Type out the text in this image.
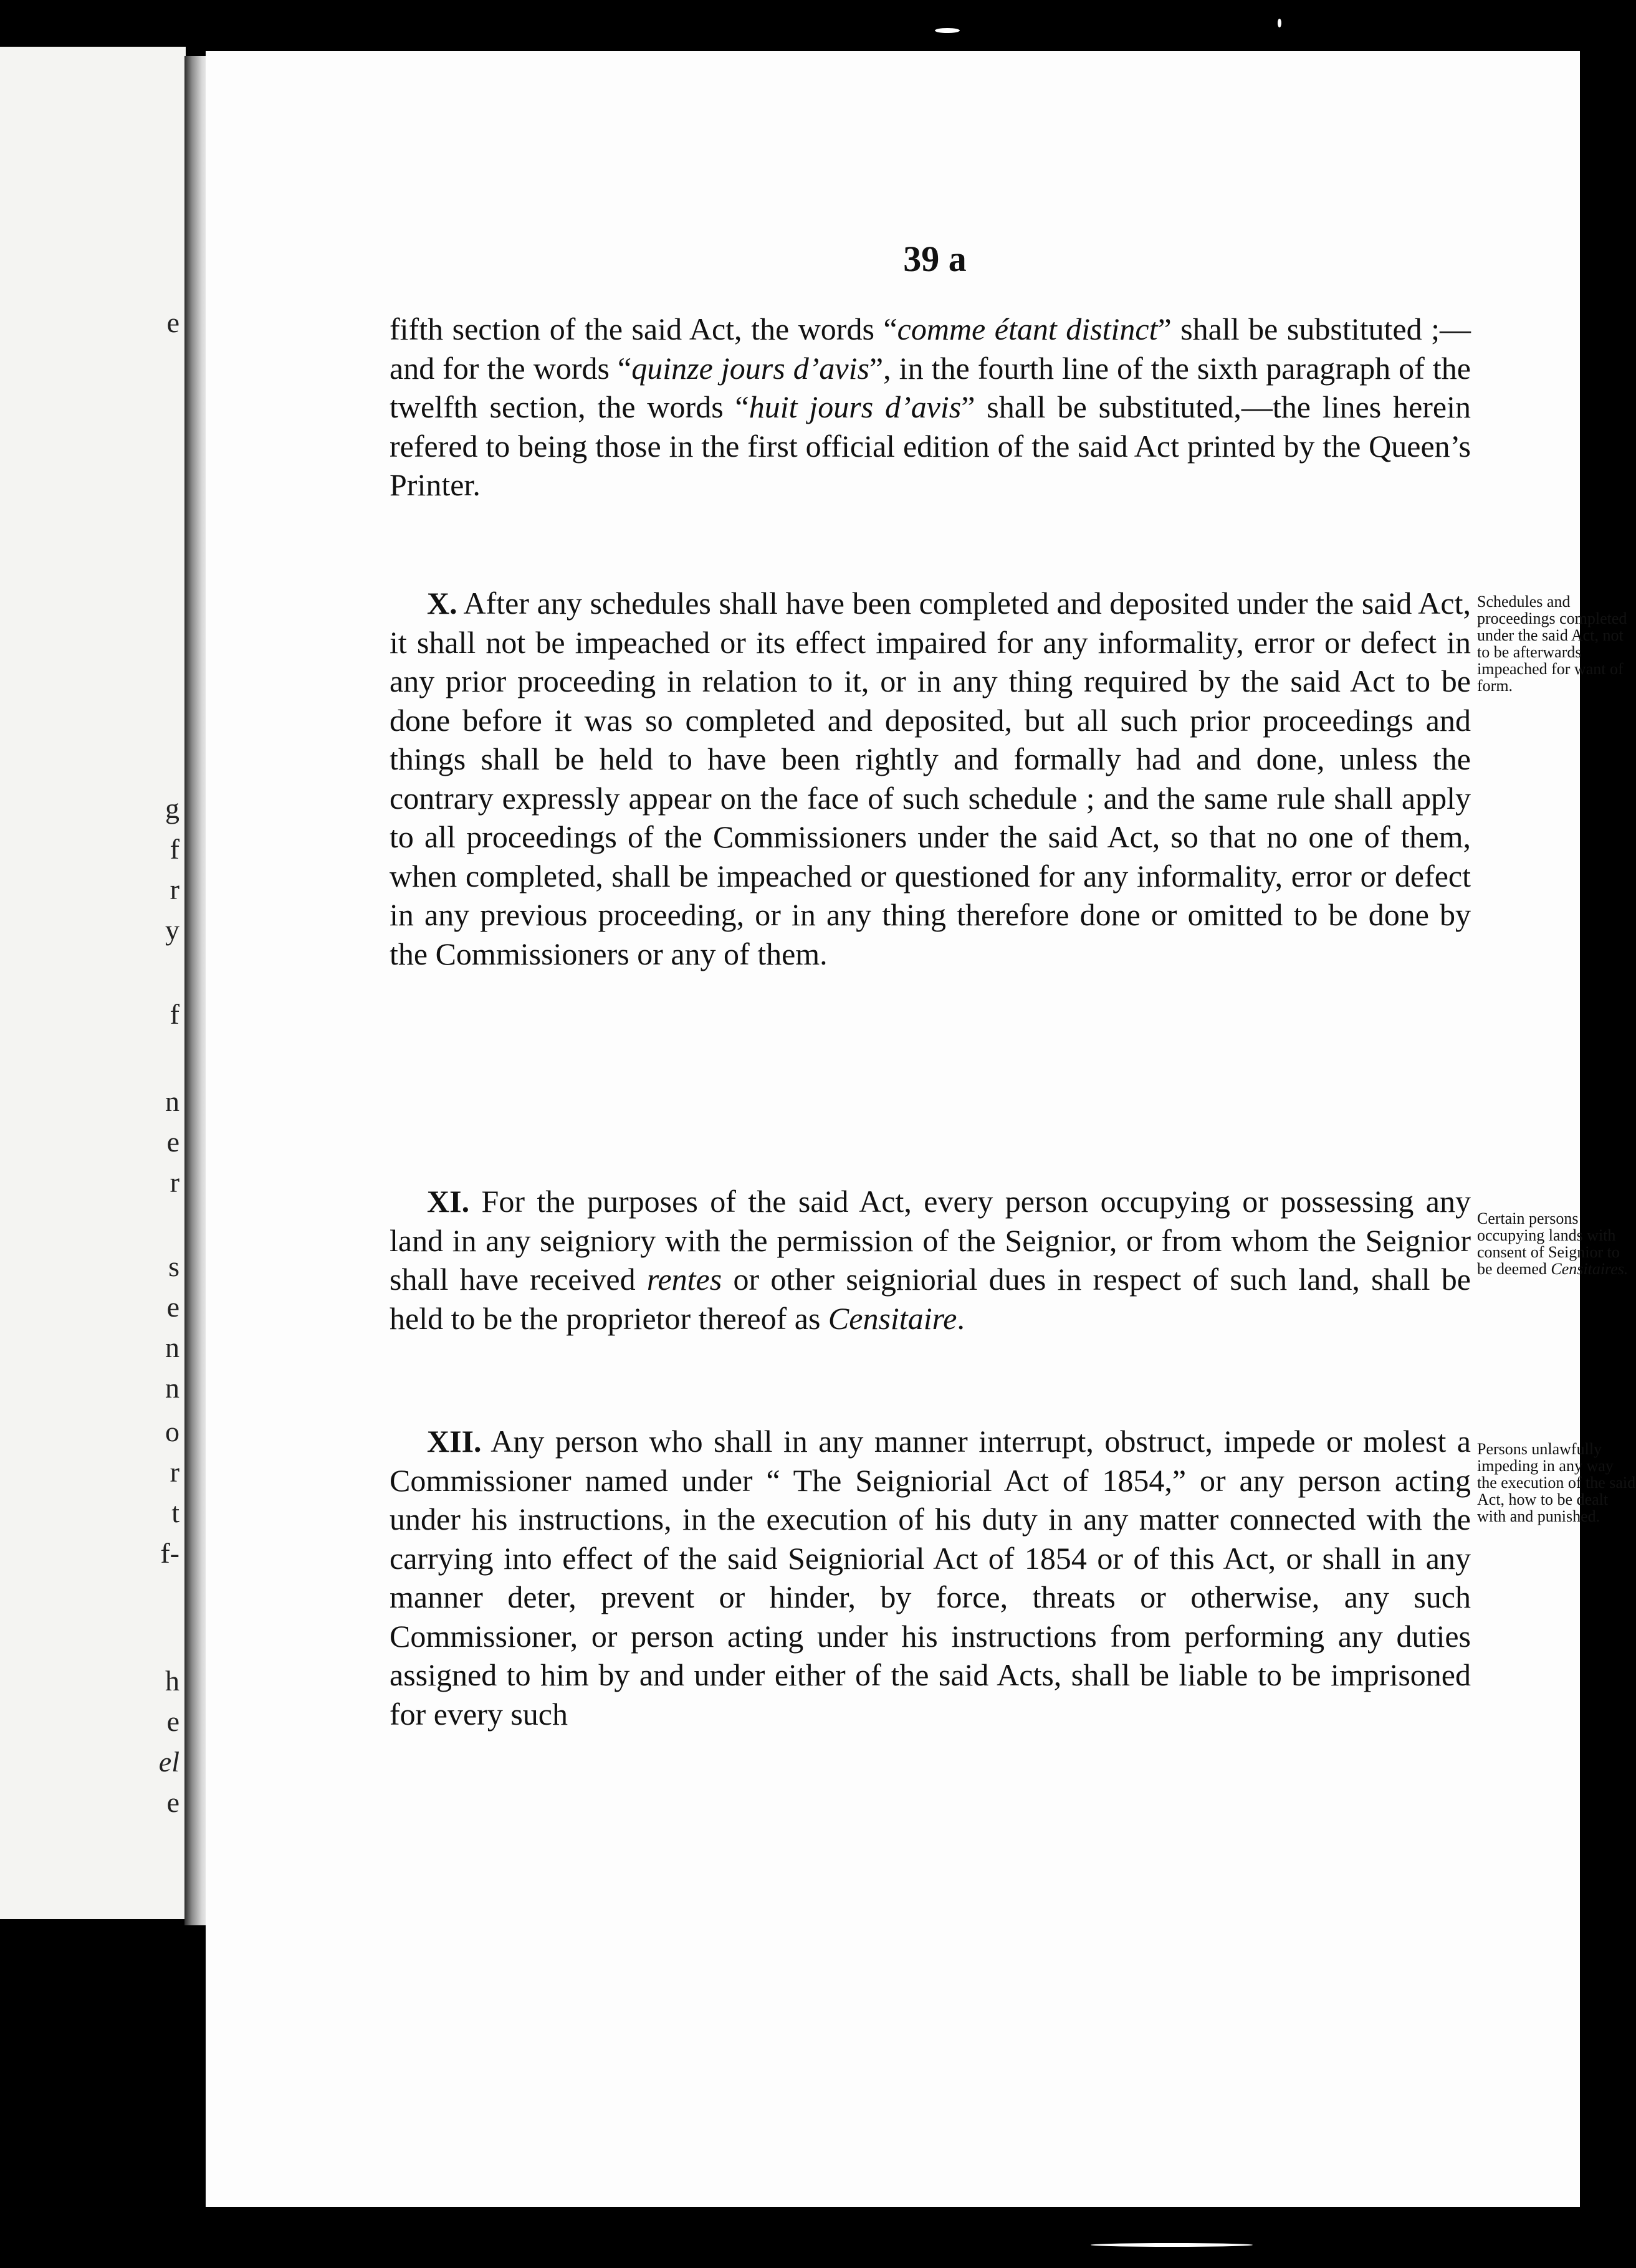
e
g
f
r
y
f
n
e
r
s
e
n
n
o
r
t
f-
h
e
el
e
39 a

fifth section of the said Act, the words “comme étant distinct” shall be substituted ;—and for the words “quinze jours d’avis”, in the fourth line of the sixth paragraph of the twelfth section, the words “huit jours d’avis” shall be substituted,—the lines herein refered to being those in the first official edition of the said Act printed by the Queen’s Printer.

X. After any schedules shall have been completed and deposited under the said Act, it shall not be impeached or its effect impaired for any informality, error or defect in any prior proceeding in relation to it, or in any thing required by the said Act to be done before it was so completed and deposited, but all such prior proceedings and things shall be held to have been rightly and formally had and done, unless the contrary expressly appear on the face of such schedule ; and the same rule shall apply to all proceedings of the Commissioners under the said Act, so that no one of them, when completed, shall be impeached or questioned for any informality, error or defect in any previous proceeding, or in any thing therefore done or omitted to be done by the Commissioners or any of them.

XI. For the purposes of the said Act, every person occupying or possessing any land in any seigniory with the permission of the Seignior, or from whom the Seignior shall have received rentes or other seigniorial dues in respect of such land, shall be held to be the proprietor thereof as Censitaire.

XII. Any person who shall in any manner interrupt, obstruct, impede or molest a Commissioner named under “ The Seigniorial Act of 1854,” or any person acting under his instructions, in the execution of his duty in any matter connected with the carrying into effect of the said Seigniorial Act of 1854 or of this Act, or shall in any manner deter, prevent or hinder, by force, threats or otherwise, any such Commissioner, or person acting under his instructions from performing any duties assigned to him by and under either of the said Acts, shall be liable to be imprisoned for every such

Schedules and proceedings completed under the said Act, not to be afterwards impeached for want of form.
Certain persons occupying lands with consent of Seignior to be deemed Censitaires.
Persons unlawfully impeding in any way the execution of the said Act, how to be dealt with and punished.
